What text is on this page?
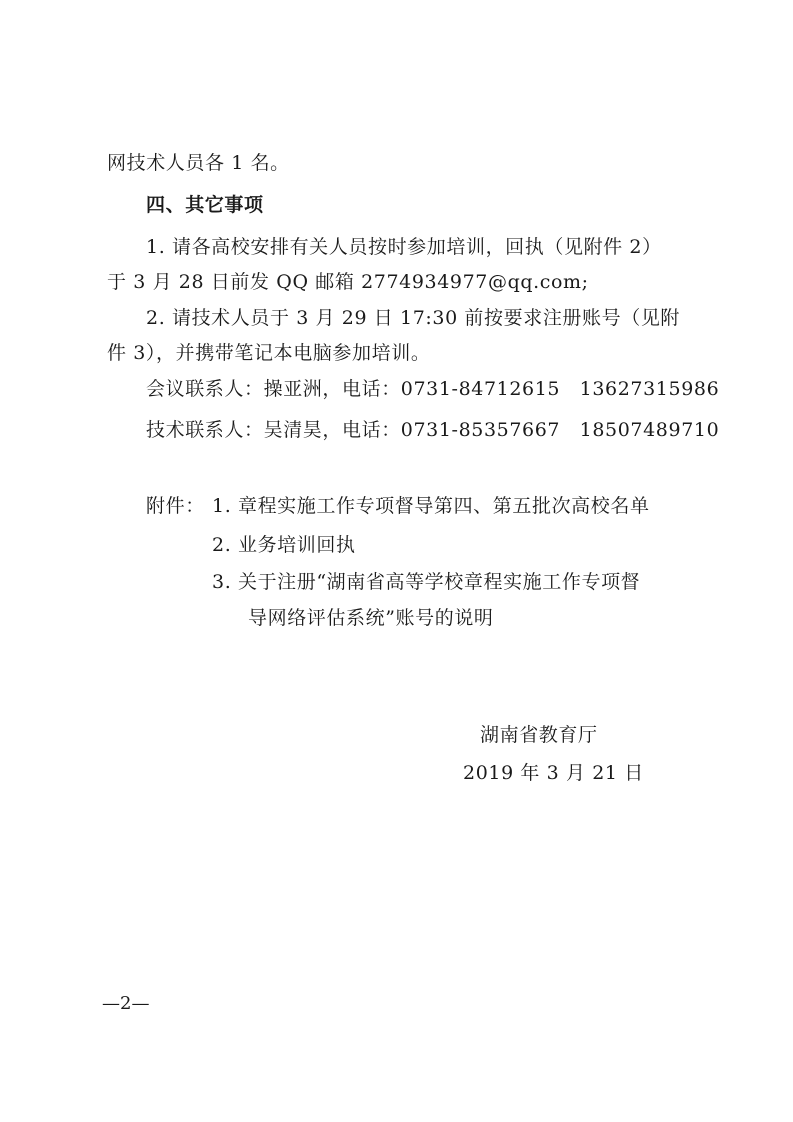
网技术人员各 1 名。
四、其它事项
1. 请各高校安排有关人员按时参加培训，回执（见附件 2）
于 3 月 28 日前发 QQ 邮箱 2774934977@qq.com;
2. 请技术人员于 3 月 29 日 17:30 前按要求注册账号（见附
件 3），并携带笔记本电脑参加培训。
会议联系人：操亚洲，电话：0731-84712615　13627315986
技术联系人：吴清昊，电话：0731-85357667　18507489710
附件： 1. 章程实施工作专项督导第四、第五批次高校名单
2. 业务培训回执
3. 关于注册“湖南省高等学校章程实施工作专项督
导网络评估系统”账号的说明
湖南省教育厅
2019 年 3 月 21 日
—2—
